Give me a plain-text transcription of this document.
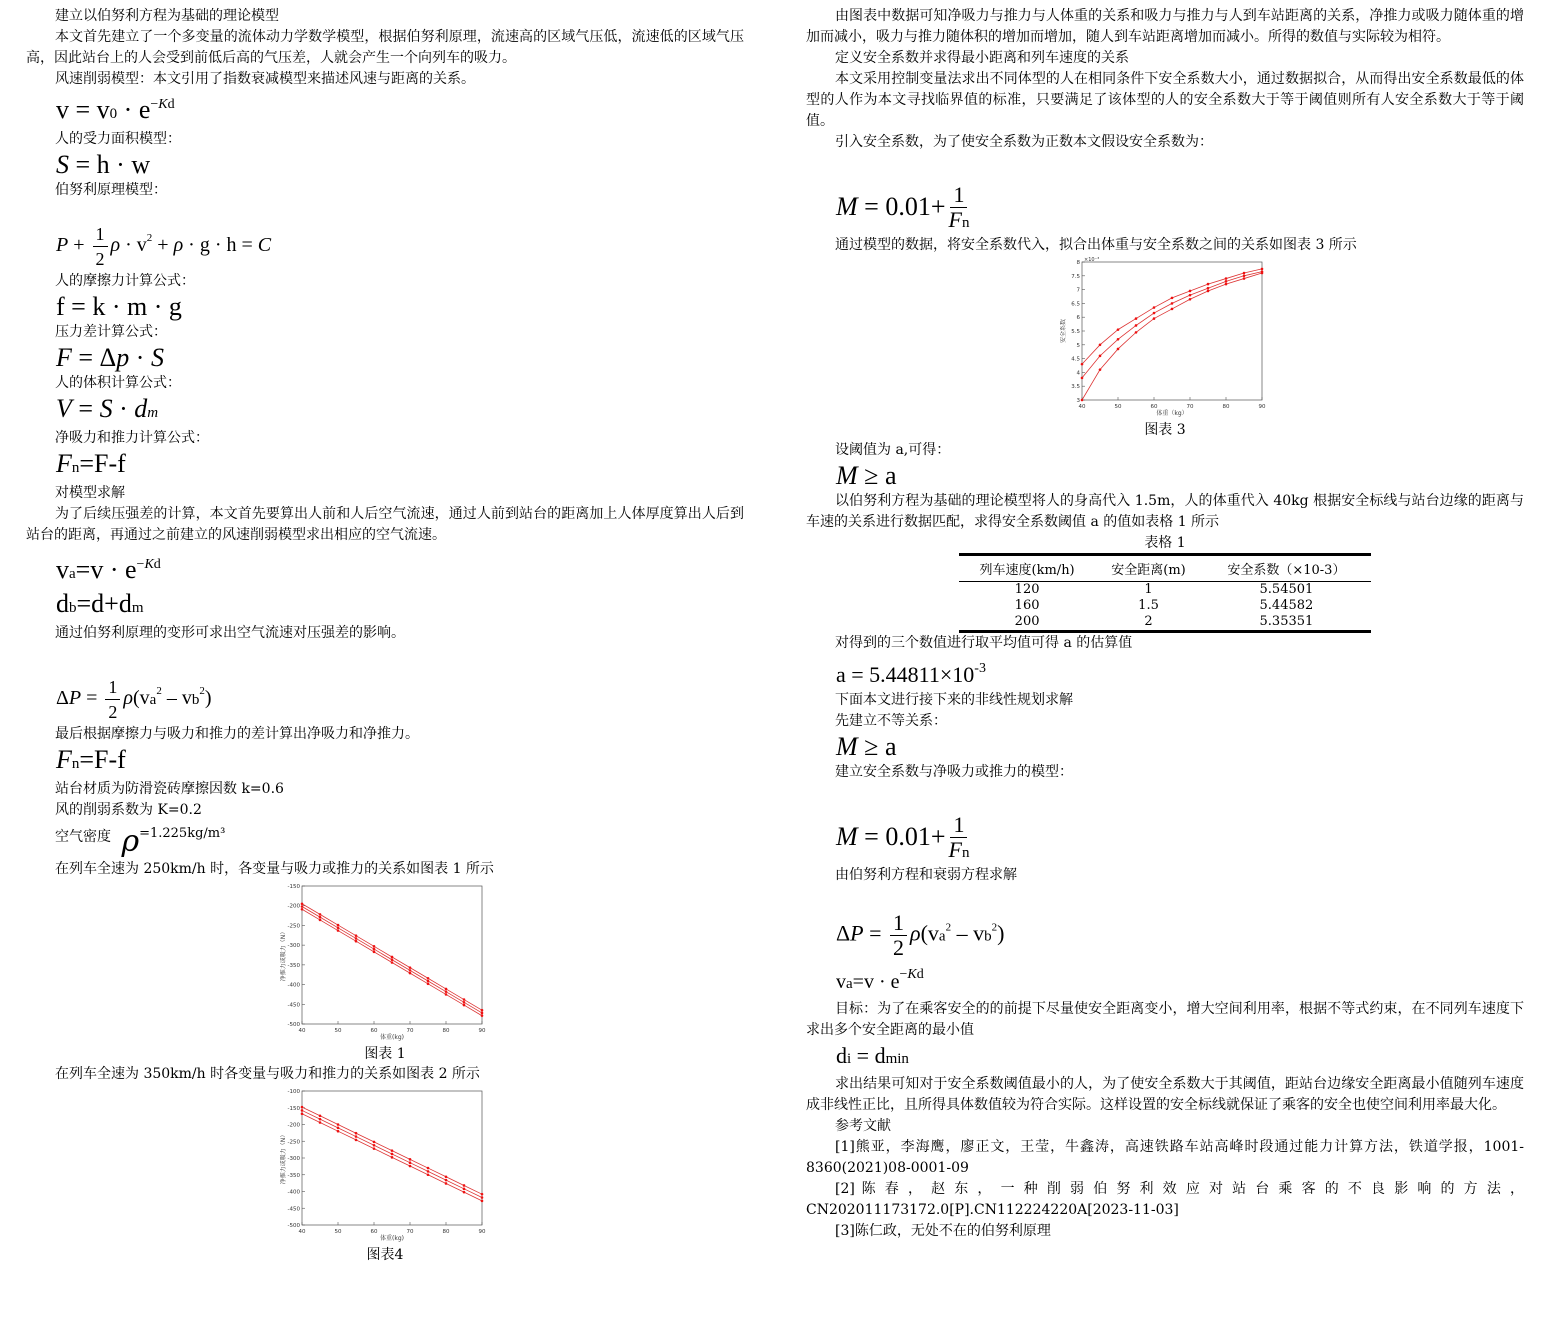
建立以伯努利方程为基础的理论模型

本文首先建立了一个多变量的流体动力学数学模型，根据伯努利原理，流速高的区域气压低，流速低的区域气压高，因此站台上的人会受到前低后高的气压差，人就会产生一个向列车的吸力。

风速削弱模型：本文引用了指数衰减模型来描述风速与距离的关系。

$v = v0 \cdot e^{-Kd}$

人的受力面积模型：

S = h · w

伯努利原理模型：

$P + \frac{1}{2}$ $\rho \cdot v^2 + \rho \cdot g \cdot h = C$

人的摩擦力计算公式：

f = k · m · g

压力差计算公式：

F = Δp · S

人的体积计算公式：

V = S · dm

净吸力和推力计算公式：

Fn=F-f

对模型求解

为了后续压强差的计算，本文首先要算出人前和人后空气流速，通过人前到站台的距离加上人体厚度算出人后到站台的距离，再通过之前建立的风速削弱模型求出相应的空气流速。

$va=v \cdot e^{-Kd}$
db=d+dm

通过伯努利原理的变形可求出空气流速对压强差的影响。

$\Delta P = \frac{1}{2} \rho(va^2 - vb^2)$

最后根据摩擦力与吸力和推力的差计算出净吸力和净推力。

Fn=F-f

站台材质为防滑瓷砖摩擦因数 k=0.6

风的削弱系数为 K=0.2

空气密度 ρ=1.225kg/m³

在列车全速为 250km/h 时，各变量与吸力或推力的关系如图表 1 所示

40	50	60	70	80	90
-150
-200
-250
-300
-350
-400
-450
-500
体重(kg)
净推力或吸力（N）
图表 1

在列车全速为 350km/h 时各变量与吸力和推力的关系如图表 2 所示

40	50	60	70	80	90
-100
-150
-200
-250
-300
-350
-400
-450
-500
体重(kg)
净推力或吸力（N）
图表4

由图表中数据可知净吸力与推力与人体重的关系和吸力与推力与人到车站距离的关系，净推力或吸力随体重的增加而减小，吸力与推力随体积的增加而增加，随人到车站距离增加而减小。所得的数值与实际较为相符。

定义安全系数并求得最小距离和列车速度的关系

本文采用控制变量法求出不同体型的人在相同条件下安全系数大小，通过数据拟合，从而得出安全系数最低的体型的人作为本文寻找临界值的标准，只要满足了该体型的人的安全系数大于等于阈值则所有人安全系数大于等于阈值。

引入安全系数，为了使安全系数为正数本文假设安全系数为：

$M = 0.01+ \frac{1}{Fn}$

通过模型的数据，将安全系数代入，拟合出体重与安全系数之间的关系如图表 3 所示

40	50	60	70	80	90
3
3.5
4
4.5
5
5.5
6
6.5
7
7.5
8
体重（kg）
安全系数
×10⁻³
图表 3

设阈值为 a,可得：

M ≥ a

以伯努利方程为基础的理论模型将人的身高代入 1.5m，人的体重代入 40kg 根据安全标线与站台边缘的距离与车速的关系进行数据匹配，求得安全系数阈值 a 的值如表格 1 所示

表格 1
列车速度(km/h)	安全距离(m)	安全系数（×10-3）
120	1	5.54501
160	1.5	5.44582
200	2	5.35351

对得到的三个数值进行取平均值可得 a 的估算值

$a = 5.44811\times 10^{-3}$

下面本文进行接下来的非线性规划求解

先建立不等关系：

M ≥ a

建立安全系数与净吸力或推力的模型：

$M = 0.01+ \frac{1}{Fn}$

由伯努利方程和衰弱方程求解

$\Delta P = \frac{1}{2} \rho(va^2 - vb^2)$
$va=v \cdot e^{-Kd}$

目标：为了在乘客安全的的前提下尽量使安全距离变小，增大空间利用率，根据不等式约束，在不同列车速度下求出多个安全距离的最小值

di = dmin

求出结果可知对于安全系数阈值最小的人，为了使安全系数大于其阈值，距站台边缘安全距离最小值随列车速度成非线性正比，且所得具体数值较为符合实际。这样设置的安全标线就保证了乘客的安全也使空间利用率最大化。

参考文献

[1]熊亚，李海鹰，廖正文，王莹，牛鑫涛，高速铁路车站高峰时段通过能力计算方法，铁道学报，1001-8360(2021)08-0001-09

[2] 陈 春 ， 赵 东 ， 一 种 削 弱 伯 努 利 效 应 对 站 台 乘 客 的 不 良 影 响 的 方 法 ，CN202011173172.0[P].CN112224220A[2023-11-03]

[3]陈仁政，无处不在的伯努利原理
